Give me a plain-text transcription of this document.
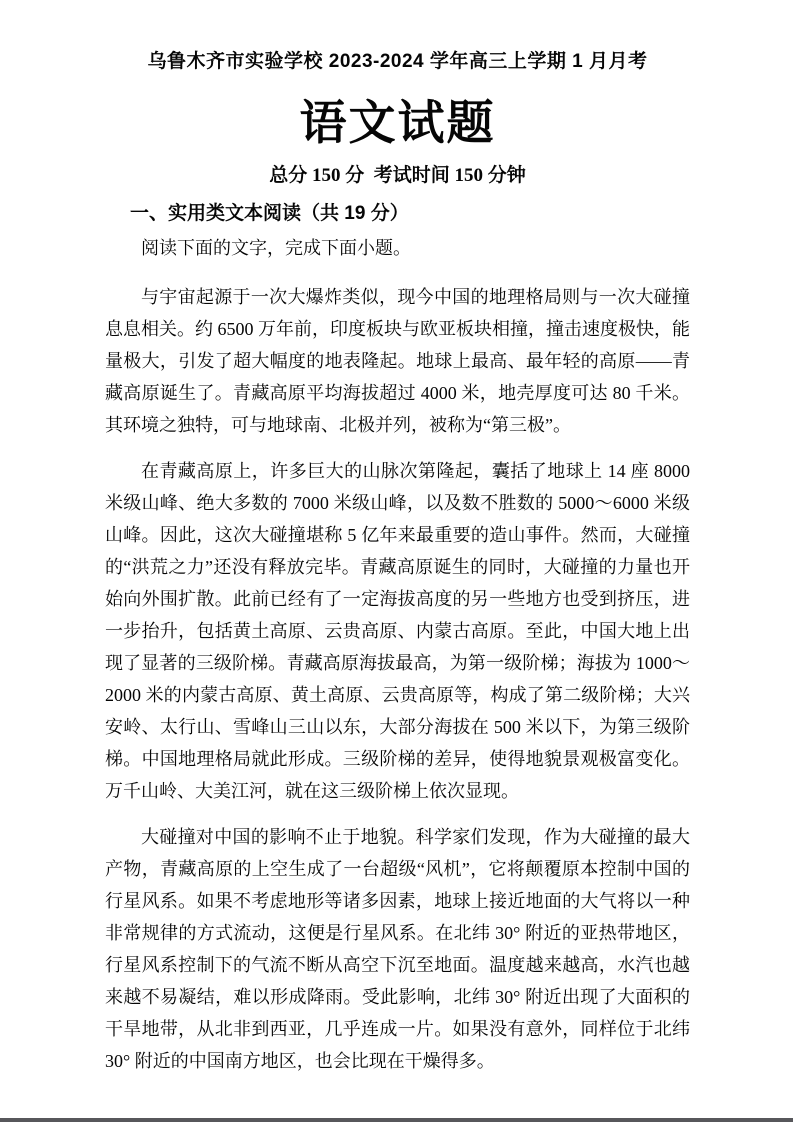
乌鲁木齐市实验学校 2023-2024 学年高三上学期 1 月月考
语文试题
总分 150 分  考试时间 150 分钟
一、实用类文本阅读（共 19 分）
阅读下面的文字，完成下面小题。

与宇宙起源于一次大爆炸类似，现今中国的地理格局则与一次大碰撞息息相关。约 6500 万年前，印度板块与欧亚板块相撞，撞击速度极快，能量极大，引发了超大幅度的地表隆起。地球上最高、最年轻的高原——青藏高原诞生了。青藏高原平均海拔超过 4000 米，地壳厚度可达 80 千米。其环境之独特，可与地球南、北极并列，被称为“第三极”。

在青藏高原上，许多巨大的山脉次第隆起，囊括了地球上 14 座 8000 米级山峰、绝大多数的 7000 米级山峰，以及数不胜数的 5000～6000 米级山峰。因此，这次大碰撞堪称 5 亿年来最重要的造山事件。然而，大碰撞的“洪荒之力”还没有释放完毕。青藏高原诞生的同时，大碰撞的力量也开始向外围扩散。此前已经有了一定海拔高度的另一些地方也受到挤压，进一步抬升，包括黄土高原、云贵高原、内蒙古高原。至此，中国大地上出现了显著的三级阶梯。青藏高原海拔最高，为第一级阶梯；海拔为 1000～2000 米的内蒙古高原、黄土高原、云贵高原等，构成了第二级阶梯；大兴安岭、太行山、雪峰山三山以东，大部分海拔在 500 米以下，为第三级阶梯。中国地理格局就此形成。三级阶梯的差异，使得地貌景观极富变化。万千山岭、大美江河，就在这三级阶梯上依次显现。

大碰撞对中国的影响不止于地貌。科学家们发现，作为大碰撞的最大产物，青藏高原的上空生成了一台超级“风机”，它将颠覆原本控制中国的行星风系。如果不考虑地形等诸多因素，地球上接近地面的大气将以一种非常规律的方式流动，这便是行星风系。在北纬 30° 附近的亚热带地区，行星风系控制下的气流不断从高空下沉至地面。温度越来越高，水汽也越来越不易凝结，难以形成降雨。受此影响，北纬 30° 附近出现了大面积的干旱地带，从北非到西亚，几乎连成一片。如果没有意外，同样位于北纬 30° 附近的中国南方地区，也会比现在干燥得多。
